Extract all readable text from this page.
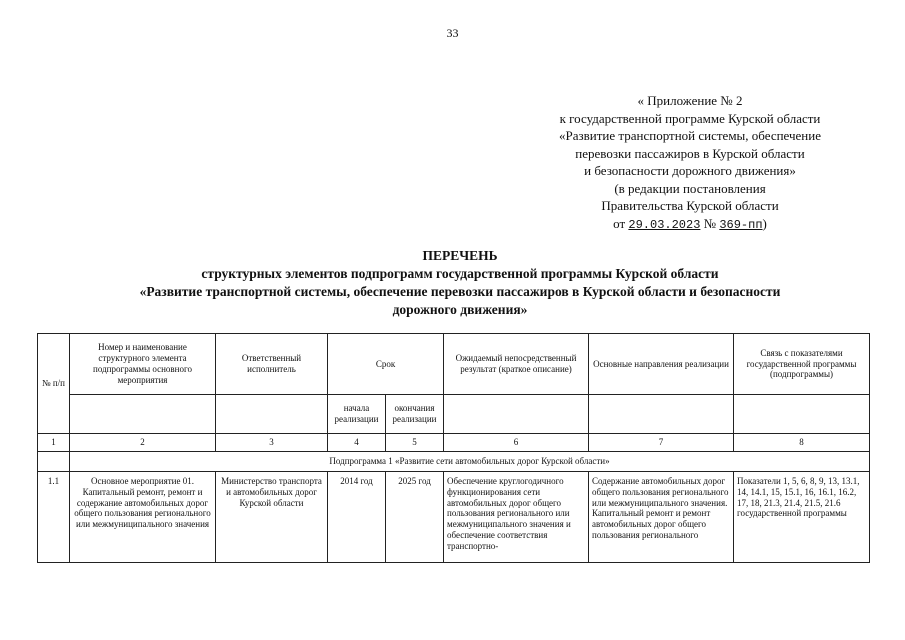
33
« Приложение № 2
к государственной программе Курской области
«Развитие транспортной системы, обеспечение
перевозки пассажиров в Курской области
и безопасности дорожного движения»
(в редакции постановления
Правительства Курской области
от 29.03.2023 № 369-пп)
ПЕРЕЧЕНЬ
структурных элементов подпрограмм государственной программы Курской области
«Развитие транспортной системы, обеспечение перевозки пассажиров в Курской области и безопасности
дорожного движения»
№ п/п	Номер и наименование структурного элемента подпрограммы основного мероприятия	Ответственный исполнитель	Срок		Ожидаемый непосредственный результат (краткое описание)	Основные направления реализации	Связь с показателями государственной программы (подпрограммы)
			начала реализации	окончания реализации			
1	2	3	4	5	6	7	8
	Подпрограмма 1 «Развитие сети автомобильных дорог Курской области»						
1.1	Основное мероприятие 01. Капитальный ремонт, ремонт и содержание автомобильных дорог общего пользования регионального или межмуниципального значения	Министерство транспорта и автомобильных дорог Курской области	2014 год	2025 год	Обеспечение круглогодичного функционирования сети автомобильных дорог общего пользования регионального или межмуниципального значения и обеспечение соответствия транспортно-	Содержание автомобильных дорог общего пользования регионального или межмуниципального значения. Капитальный ремонт и ремонт автомобильных дорог общего пользования регионального	Показатели 1, 5, 6, 8, 9, 13, 13.1, 14, 14.1, 15, 15.1, 16, 16.1, 16.2, 17, 18, 21.3, 21.4, 21.5, 21.6 государственной программы
